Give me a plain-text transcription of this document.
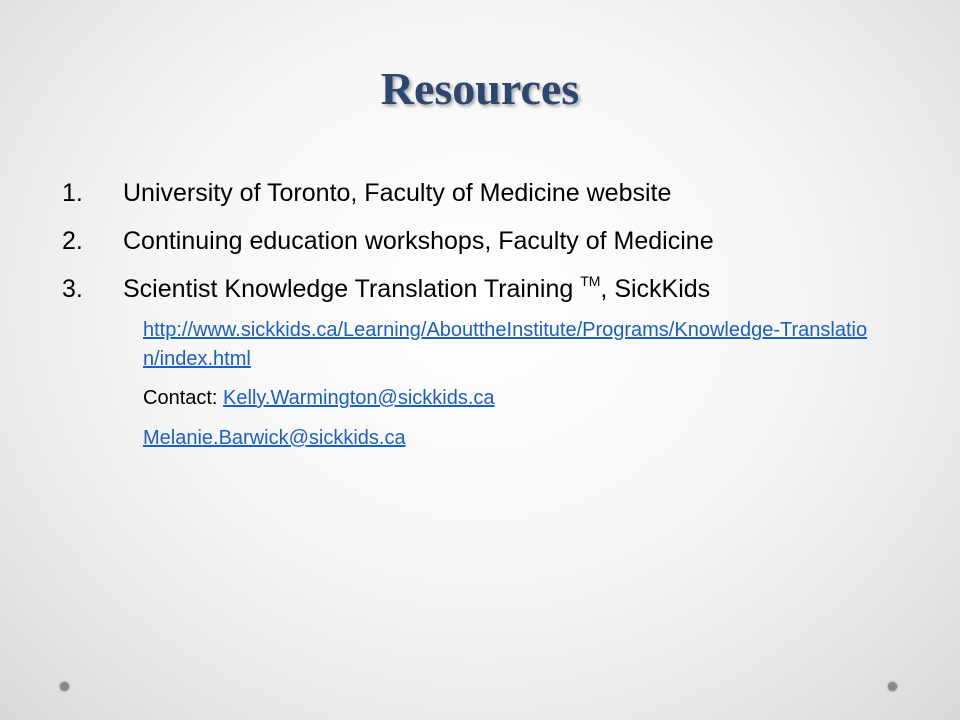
Resources
1.	University of Toronto, Faculty of Medicine website
2.	Continuing education workshops, Faculty of Medicine
3.	Scientist Knowledge Translation Training ™, SickKids
http://www.sickkids.ca/Learning/AbouttheInstitute/Programs/Knowledge-Translation/index.html
Contact: Kelly.Warmington@sickkids.ca
Melanie.Barwick@sickkids.ca
